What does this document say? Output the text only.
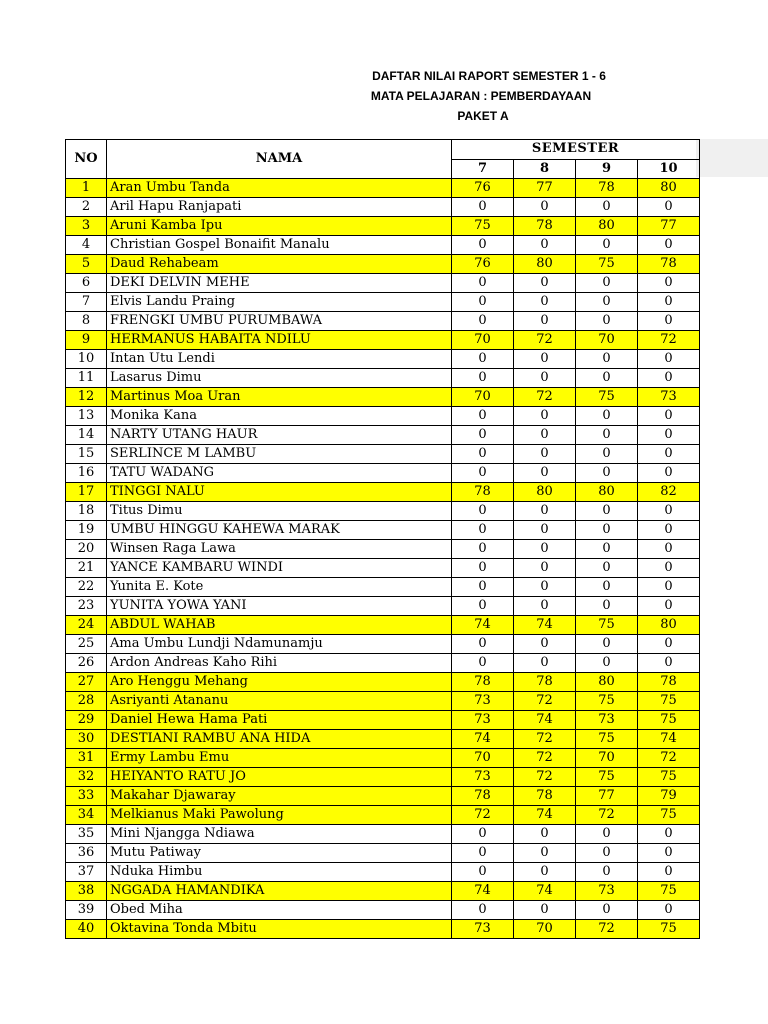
DAFTAR NILAI RAPORT SEMESTER 1 - 6
MATA PELAJARAN : PEMBERDAYAAN
PAKET A
NO	NAMA	SEMESTER			
		7	8	9	10
1	Aran Umbu Tanda	76	77	78	80
2	Aril Hapu Ranjapati	0	0	0	0
3	Aruni Kamba Ipu	75	78	80	77
4	Christian Gospel Bonaifit Manalu	0	0	0	0
5	Daud Rehabeam	76	80	75	78
6	DEKI DELVIN MEHE	0	0	0	0
7	Elvis Landu Praing	0	0	0	0
8	FRENGKI UMBU PURUMBAWA	0	0	0	0
9	HERMANUS HABAITA NDILU	70	72	70	72
10	Intan Utu Lendi	0	0	0	0
11	Lasarus Dimu	0	0	0	0
12	Martinus Moa Uran	70	72	75	73
13	Monika Kana	0	0	0	0
14	NARTY UTANG HAUR	0	0	0	0
15	SERLINCE M LAMBU	0	0	0	0
16	TATU WADANG	0	0	0	0
17	TINGGI NALU	78	80	80	82
18	Titus Dimu	0	0	0	0
19	UMBU HINGGU KAHEWA MARAK	0	0	0	0
20	Winsen Raga Lawa	0	0	0	0
21	YANCE KAMBARU WINDI	0	0	0	0
22	Yunita E. Kote	0	0	0	0
23	YUNITA YOWA YANI	0	0	0	0
24	ABDUL WAHAB	74	74	75	80
25	Ama Umbu Lundji Ndamunamju	0	0	0	0
26	Ardon Andreas Kaho Rihi	0	0	0	0
27	Aro Henggu Mehang	78	78	80	78
28	Asriyanti Atananu	73	72	75	75
29	Daniel Hewa Hama Pati	73	74	73	75
30	DESTIANI RAMBU ANA HIDA	74	72	75	74
31	Ermy Lambu Emu	70	72	70	72
32	HEIYANTO RATU JO	73	72	75	75
33	Makahar Djawaray	78	78	77	79
34	Melkianus Maki Pawolung	72	74	72	75
35	Mini Njangga Ndiawa	0	0	0	0
36	Mutu Patiway	0	0	0	0
37	Nduka Himbu	0	0	0	0
38	NGGADA HAMANDIKA	74	74	73	75
39	Obed Miha	0	0	0	0
40	Oktavina Tonda Mbitu	73	70	72	75
